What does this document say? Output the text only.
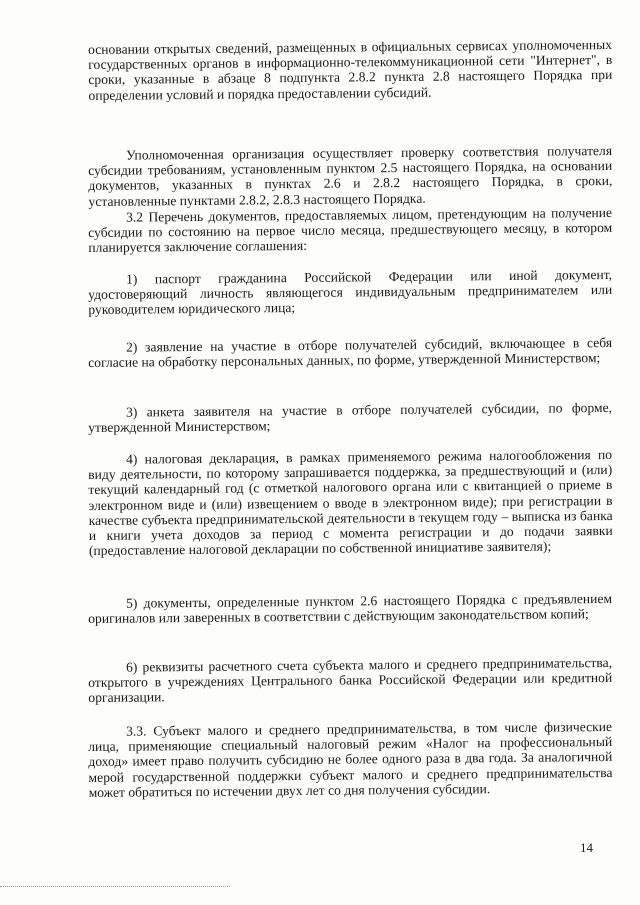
основании открытых сведений, размещенных в официальных сервисах уполномоченных государственных органов в информационно-телекоммуникационной сети "Интернет", в сроки, указанные в абзаце 8 подпункта 2.8.2 пункта 2.8 настоящего Порядка при определении условий и порядка предоставлении субсидий.

Уполномоченная организация осуществляет проверку соответствия получателя субсидии требованиям, установленным пунктом 2.5 настоящего Порядка, на основании документов, указанных в пунктах 2.6 и 2.8.2 настоящего Порядка, в сроки, установленные пунктами 2.8.2, 2.8.3 настоящего Порядка.

3.2 Перечень документов, предоставляемых лицом, претендующим на получение субсидии по состоянию на первое число месяца, предшествующего месяцу, в котором планируется заключение соглашения:

1) паспорт гражданина Российской Федерации или иной документ, удостоверяющий личность являющегося индивидуальным предпринимателем или руководителем юридического лица;

2) заявление на участие в отборе получателей субсидий, включающее в себя согласие на обработку персональных данных, по форме, утвержденной Министерством;

3) анкета заявителя на участие в отборе получателей субсидии, по форме, утвержденной Министерством;

4) налоговая декларация, в рамках применяемого режима налогообложения по виду деятельности, по которому запрашивается поддержка, за предшествующий и (или) текущий календарный год (с отметкой налогового органа или с квитанцией о приеме в электронном виде и (или) извещением о вводе в электронном виде); при регистрации в качестве субъекта предпринимательской деятельности в текущем году – выписка из банка и книги учета доходов за период с момента регистрации и до подачи заявки (предоставление налоговой декларации по собственной инициативе заявителя);

5) документы, определенные пунктом 2.6 настоящего Порядка с предъявлением оригиналов или заверенных в соответствии с действующим законодательством копий;

6) реквизиты расчетного счета субъекта малого и среднего предпринимательства, открытого в учреждениях Центрального банка Российской Федерации или кредитной организации.

3.3. Субъект малого и среднего предпринимательства, в том числе физические лица, применяющие специальный налоговый режим «Налог на профессиональный доход» имеет право получить субсидию не более одного раза в два года. За аналогичной мерой государственной поддержки субъект малого и среднего предпринимательства может обратиться по истечении двух лет со дня получения субсидии.

14
